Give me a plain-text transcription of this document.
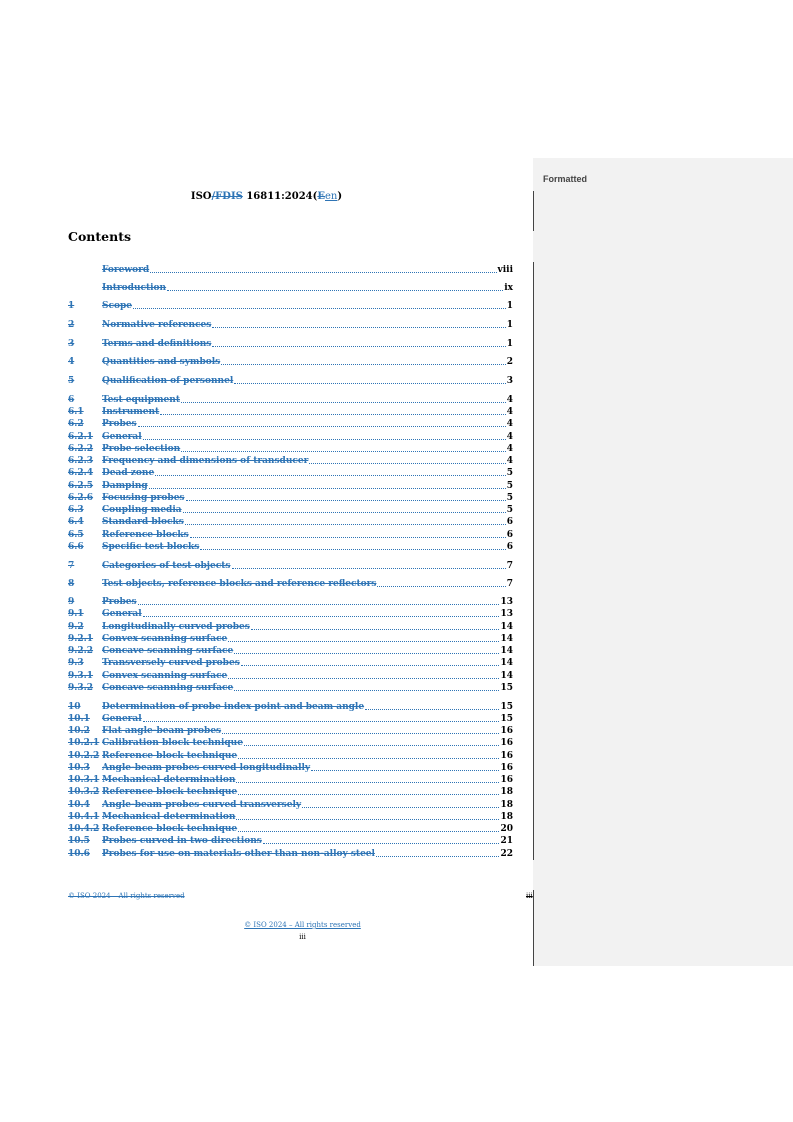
Formatted
ISO/FDIS 16811:2024(Een)
Contents
Foreword	viii
Introduction	ix
1	Scope	1
2	Normative references	1
3	Terms and definitions	1
4	Quantities and symbols	2
5	Qualification of personnel	3
6	Test equipment	4
6.1	Instrument	4
6.2	Probes	4
6.2.1 General	4
6.2.2 Probe selection	4
6.2.3 Frequency and dimensions of transducer	4
6.2.4 Dead zone	5
6.2.5 Damping	5
6.2.6 Focusing probes	5
6.3	Coupling media	5
6.4	Standard blocks	6
6.5	Reference blocks	6
6.6	Specific test blocks	6
7	Categories of test objects	7
8	Test objects, reference blocks and reference reflectors	7
9	Probes	13
9.1	General	13
9.2	Longitudinally curved probes	14
9.2.1 Convex scanning surface	14
9.2.2 Concave scanning surface	14
9.3	Transversely curved probes	14
9.3.1 Convex scanning surface	14
9.3.2 Concave scanning surface	15
10	Determination of probe index point and beam angle	15
10.1	General	15
10.2	Flat angle-beam probes	16
10.2.1 Calibration block technique	16
10.2.2 Reference block technique	16
10.3	Angle-beam probes curved longitudinally	16
10.3.1 Mechanical determination	16
10.3.2 Reference block technique	18
10.4	Angle-beam probes curved transversely	18
10.4.1 Mechanical determination	18
10.4.2 Reference block technique	20
10.5	Probes curved in two directions	21
10.6	Probes for use on materials other than non-alloy steel	22
© ISO 2024 – All rights reserved	iii
© ISO 2024 – All rights reserved
iii
